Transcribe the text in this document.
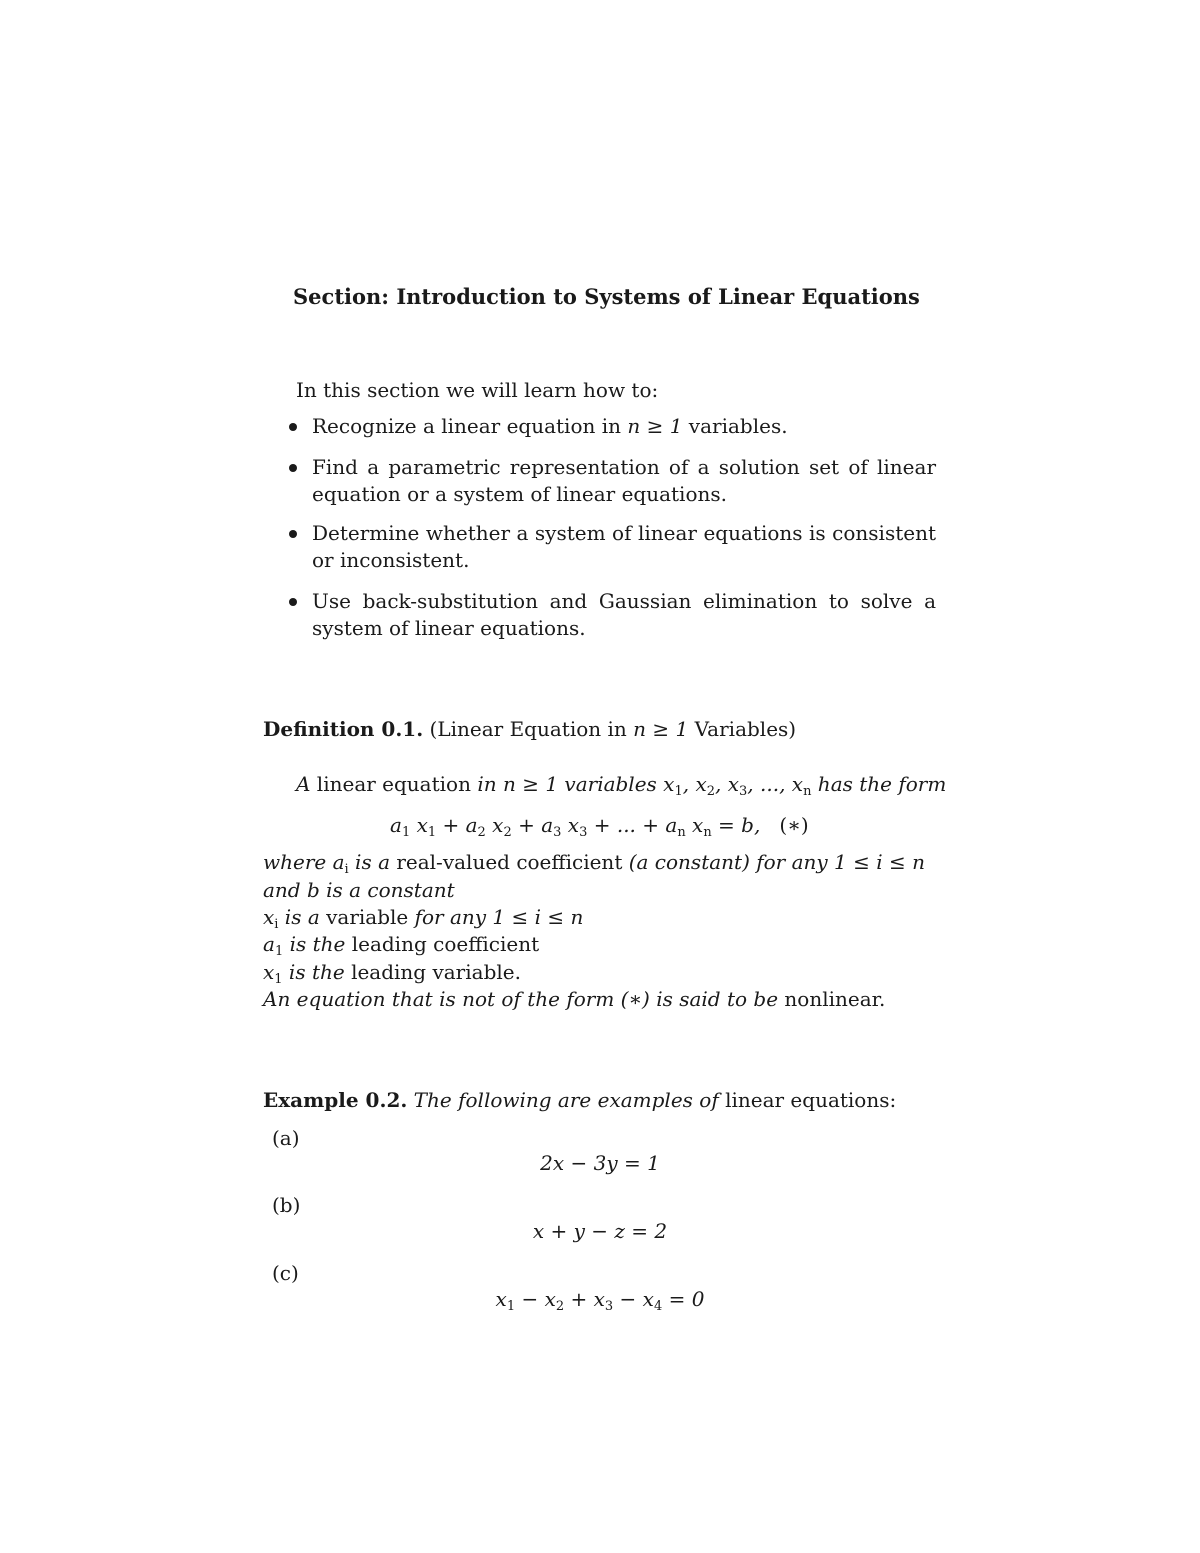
Section: Introduction to Systems of Linear Equations
In this section we will learn how to:
Recognize a linear equation in n ≥ 1 variables.
Find a parametric representation of a solution set of linear equation or a system of linear equations.
Determine whether a system of linear equations is consistent or inconsistent.
Use back-substitution and Gaussian elimination to solve a system of linear equations.
Definition 0.1. (Linear Equation in n ≥ 1 Variables)
A linear equation in n ≥ 1 variables $x_1$, $x_2$, $x_3$, ..., $x_n$ has the form
$a_1$ $x_1 + a_2$ $x_2 + a_3$ $x_3$ + ... + $a_n$ $x_n = b$, (∗)
where $a_i$ is a real-valued coefficient (a constant) for any 1 ≤ i ≤ n
and b is a constant
$x_i$ is a variable for any 1 ≤ i ≤ n
$a_1$ is the leading coefficient
$x_1$ is the leading variable.
An equation that is not of the form (∗) is said to be nonlinear.
Example 0.2. The following are examples of linear equations:
(a)
2x − 3y = 1
(b)
x + y − z = 2
(c)
$x_1 - x_2 + x_3 - x_4 = 0$
